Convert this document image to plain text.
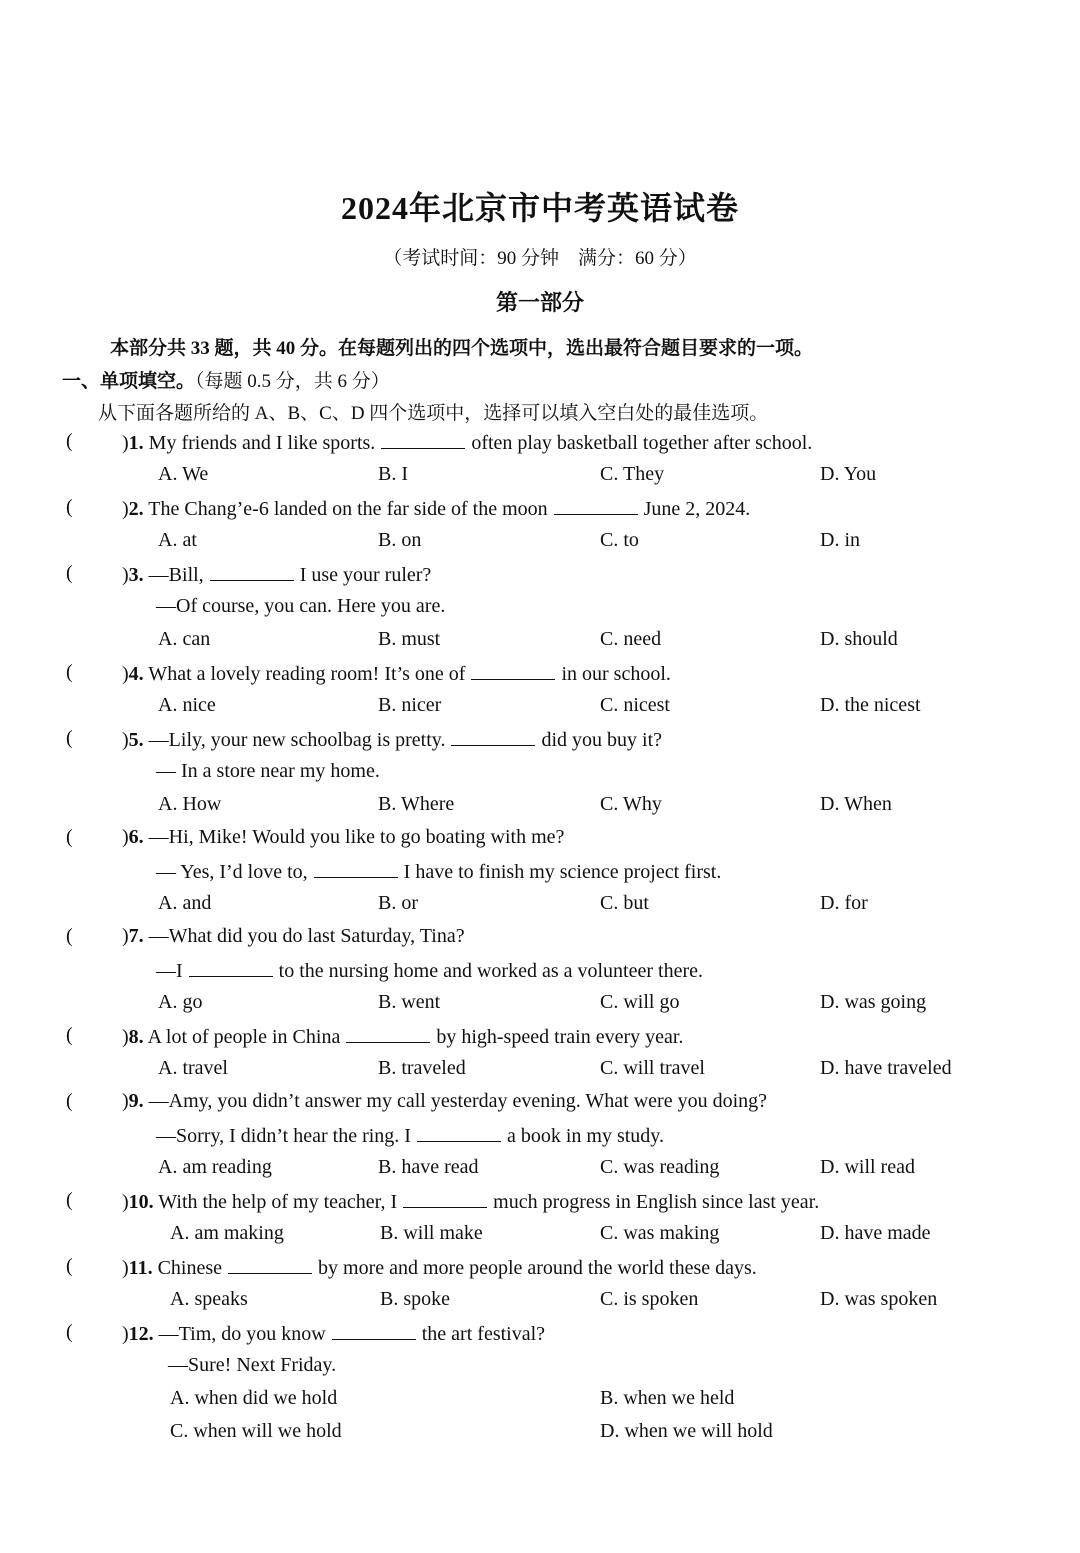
2024年北京市中考英语试卷
（考试时间：90 分钟　满分：60 分）
第一部分
本部分共 33 题，共 40 分。在每题列出的四个选项中，选出最符合题目要求的一项。
一、单项填空。（每题 0.5 分，共 6 分）
从下面各题所给的 A、B、C、D 四个选项中，选择可以填入空白处的最佳选项。
( )1. My friends and I like sports.	often play basketball together after school.
A. We	B. I	C. They	D. You
( )2. The Chang’e-6 landed on the far side of the moon	June 2, 2024.
A. at	B. on	C. to	D. in
( )3. —Bill,	I use your ruler?
—Of course, you can. Here you are.
A. can	B. must	C. need	D. should
( )4. What a lovely reading room! It’s one of	in our school.
A. nice	B. nicer	C. nicest	D. the nicest
( )5. —Lily, your new schoolbag is pretty.	did you buy it?
— In a store near my home.
A. How	B. Where	C. Why	D. When
( )6. —Hi, Mike! Would you like to go boating with me?
— Yes, I’d love to,	I have to finish my science project first.
A. and	B. or	C. but	D. for
( )7. —What did you do last Saturday, Tina?
—I	to the nursing home and worked as a volunteer there.
A. go	B. went	C. will go	D. was going
( )8. A lot of people in China	by high-speed train every year.
A. travel	B. traveled	C. will travel	D. have traveled
( )9. —Amy, you didn’t answer my call yesterday evening. What were you doing?
—Sorry, I didn’t hear the ring. I	a book in my study.
A. am reading	B. have read	C. was reading	D. will read
( )10. With the help of my teacher, I	much progress in English since last year.
A. am making	B. will make	C. was making	D. have made
( )11. Chinese	by more and more people around the world these days.
A. speaks	B. spoke	C. is spoken	D. was spoken
( )12. —Tim, do you know	the art festival?
—Sure! Next Friday.
A. when did we hold	B. when we held
C. when will we hold	D. when we will hold
